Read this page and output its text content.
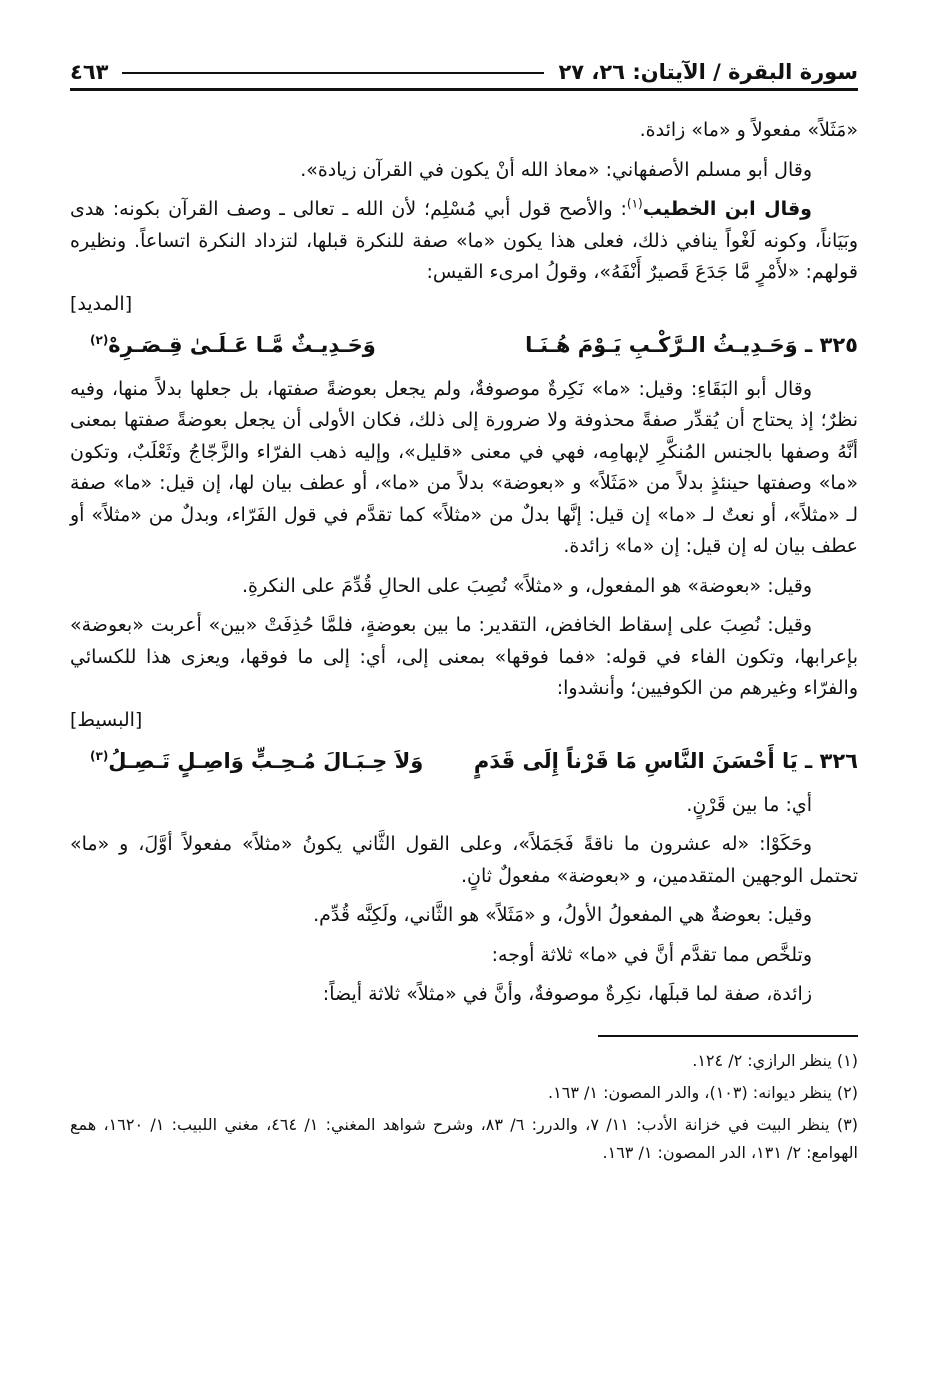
سورة البقرة / الآيتان: ٢٦، ٢٧
٤٦٣

«مَثَلاً» مفعولاً و «ما» زائدة.

وقال أبو مسلم الأصفهاني: «معاذ الله أنْ يكون في القرآن زيادة».

وقال ابن الخطيب$^{(١)}$: والأصح قول أبي مُسْلِم؛ لأن الله ـ تعالى ـ وصف القرآن بكونه: هدى وبَيَاناً، وكونه لَغْواً ينافي ذلك، فعلى هذا يكون «ما» صفة للنكرة قبلها، لتزداد النكرة اتساعاً. ونظيره قولهم: «لأَمْرٍ مَّا جَدَعَ قَصيرٌ أَنْفَهُ»، وقولُ امرىء القيس:
[المديد]

٣٢٥ ـ وَحَـدِيـثُ الـرَّكْـبِ يَـوْمَ هُـنَـا
وَحَـدِيـثٌ مَّـا عَـلَـىٰ قِـصَـرِهْ$^{(٢)}$

وقال أبو البَقَاءِ: وقيل: «ما» نَكِرةٌ موصوفةٌ، ولم يجعل بعوضةً صفتها، بل جعلها بدلاً منها، وفيه نظرٌ؛ إذ يحتاج أن يُقدِّر صفةً محذوفة ولا ضرورة إلى ذلك، فكان الأولى أن يجعل بعوضةً صفتها بمعنى أنَّهُ وصفها بالجنس المُنكَّرِ لإبهامِه، فهي في معنى «قليل»، وإليه ذهب الفرّاء والزَّجّاجُ وثَعْلَبٌ، وتكون «ما» وصفتها حينئذٍ بدلاً من «مَثَلاً» و «بعوضة» بدلاً من «ما»، أو عطف بيان لها، إن قيل: «ما» صفة لـ «مثلاً»، أو نعتٌ لـ «ما» إن قيل: إنَّها بدلٌ من «مثلاً» كما تقدَّم في قول الفَرّاء، وبدلٌ من «مثلاً» أو عطف بيان له إن قيل: إن «ما» زائدة.

وقيل: «بعوضة» هو المفعول، و «مثلاً» نُصِبَ على الحالِ قُدِّمَ على النكرةِ.

وقيل: نُصِبَ على إسقاط الخافض، التقدير: ما بين بعوضةٍ، فلمَّا حُذِفَتْ «بين» أعربت «بعوضة» بإعرابها، وتكون الفاء في قوله: «فما فوقها» بمعنى إلى، أي: إلى ما فوقها، ويعزى هذا للكسائي والفرّاء وغيرهم من الكوفيين؛ وأنشدوا:
[البسيط]

٣٢٦ ـ يَا أَحْسَنَ النَّاسِ مَا قَرْناً إِلَى قَدَمٍ
وَلاَ حِـبَـالَ مُـحِـبٍّ وَاصِـلٍ تَـصِـلُ$^{(٣)}$

أي: ما بين قَرْنٍ.

وحَكَوْا: «له عشرون ما ناقةً فَجَمَلاً»، وعلى القول الثَّاني يكونُ «مثلاً» مفعولاً أوَّلَ، و «ما» تحتمل الوجهين المتقدمين، و «بعوضة» مفعولٌ ثانٍ.

وقيل: بعوضةٌ هي المفعولُ الأولُ، و «مَثَلاً» هو الثَّاني، ولَكِنَّه قُدِّم.

وتلخَّص مما تقدَّم أنَّ في «ما» ثلاثة أوجه:

زائدة، صفة لما قبلَها، نكِرةٌ موصوفةٌ، وأنَّ في «مثلاً» ثلاثة أيضاً:

(١) ينظر الرازي: ٢/ ١٢٤.

(٢) ينظر ديوانه: (١٠٣)، والدر المصون: ١/ ١٦٣.

(٣) ينظر البيت في خزانة الأدب: ١١/ ٧، والدرر: ٦/ ٨٣، وشرح شواهد المغني: ١/ ٤٦٤، مغني اللبيب: ١/ ١٦٢٠، همع الهوامع: ٢/ ١٣١، الدر المصون: ١/ ١٦٣.
